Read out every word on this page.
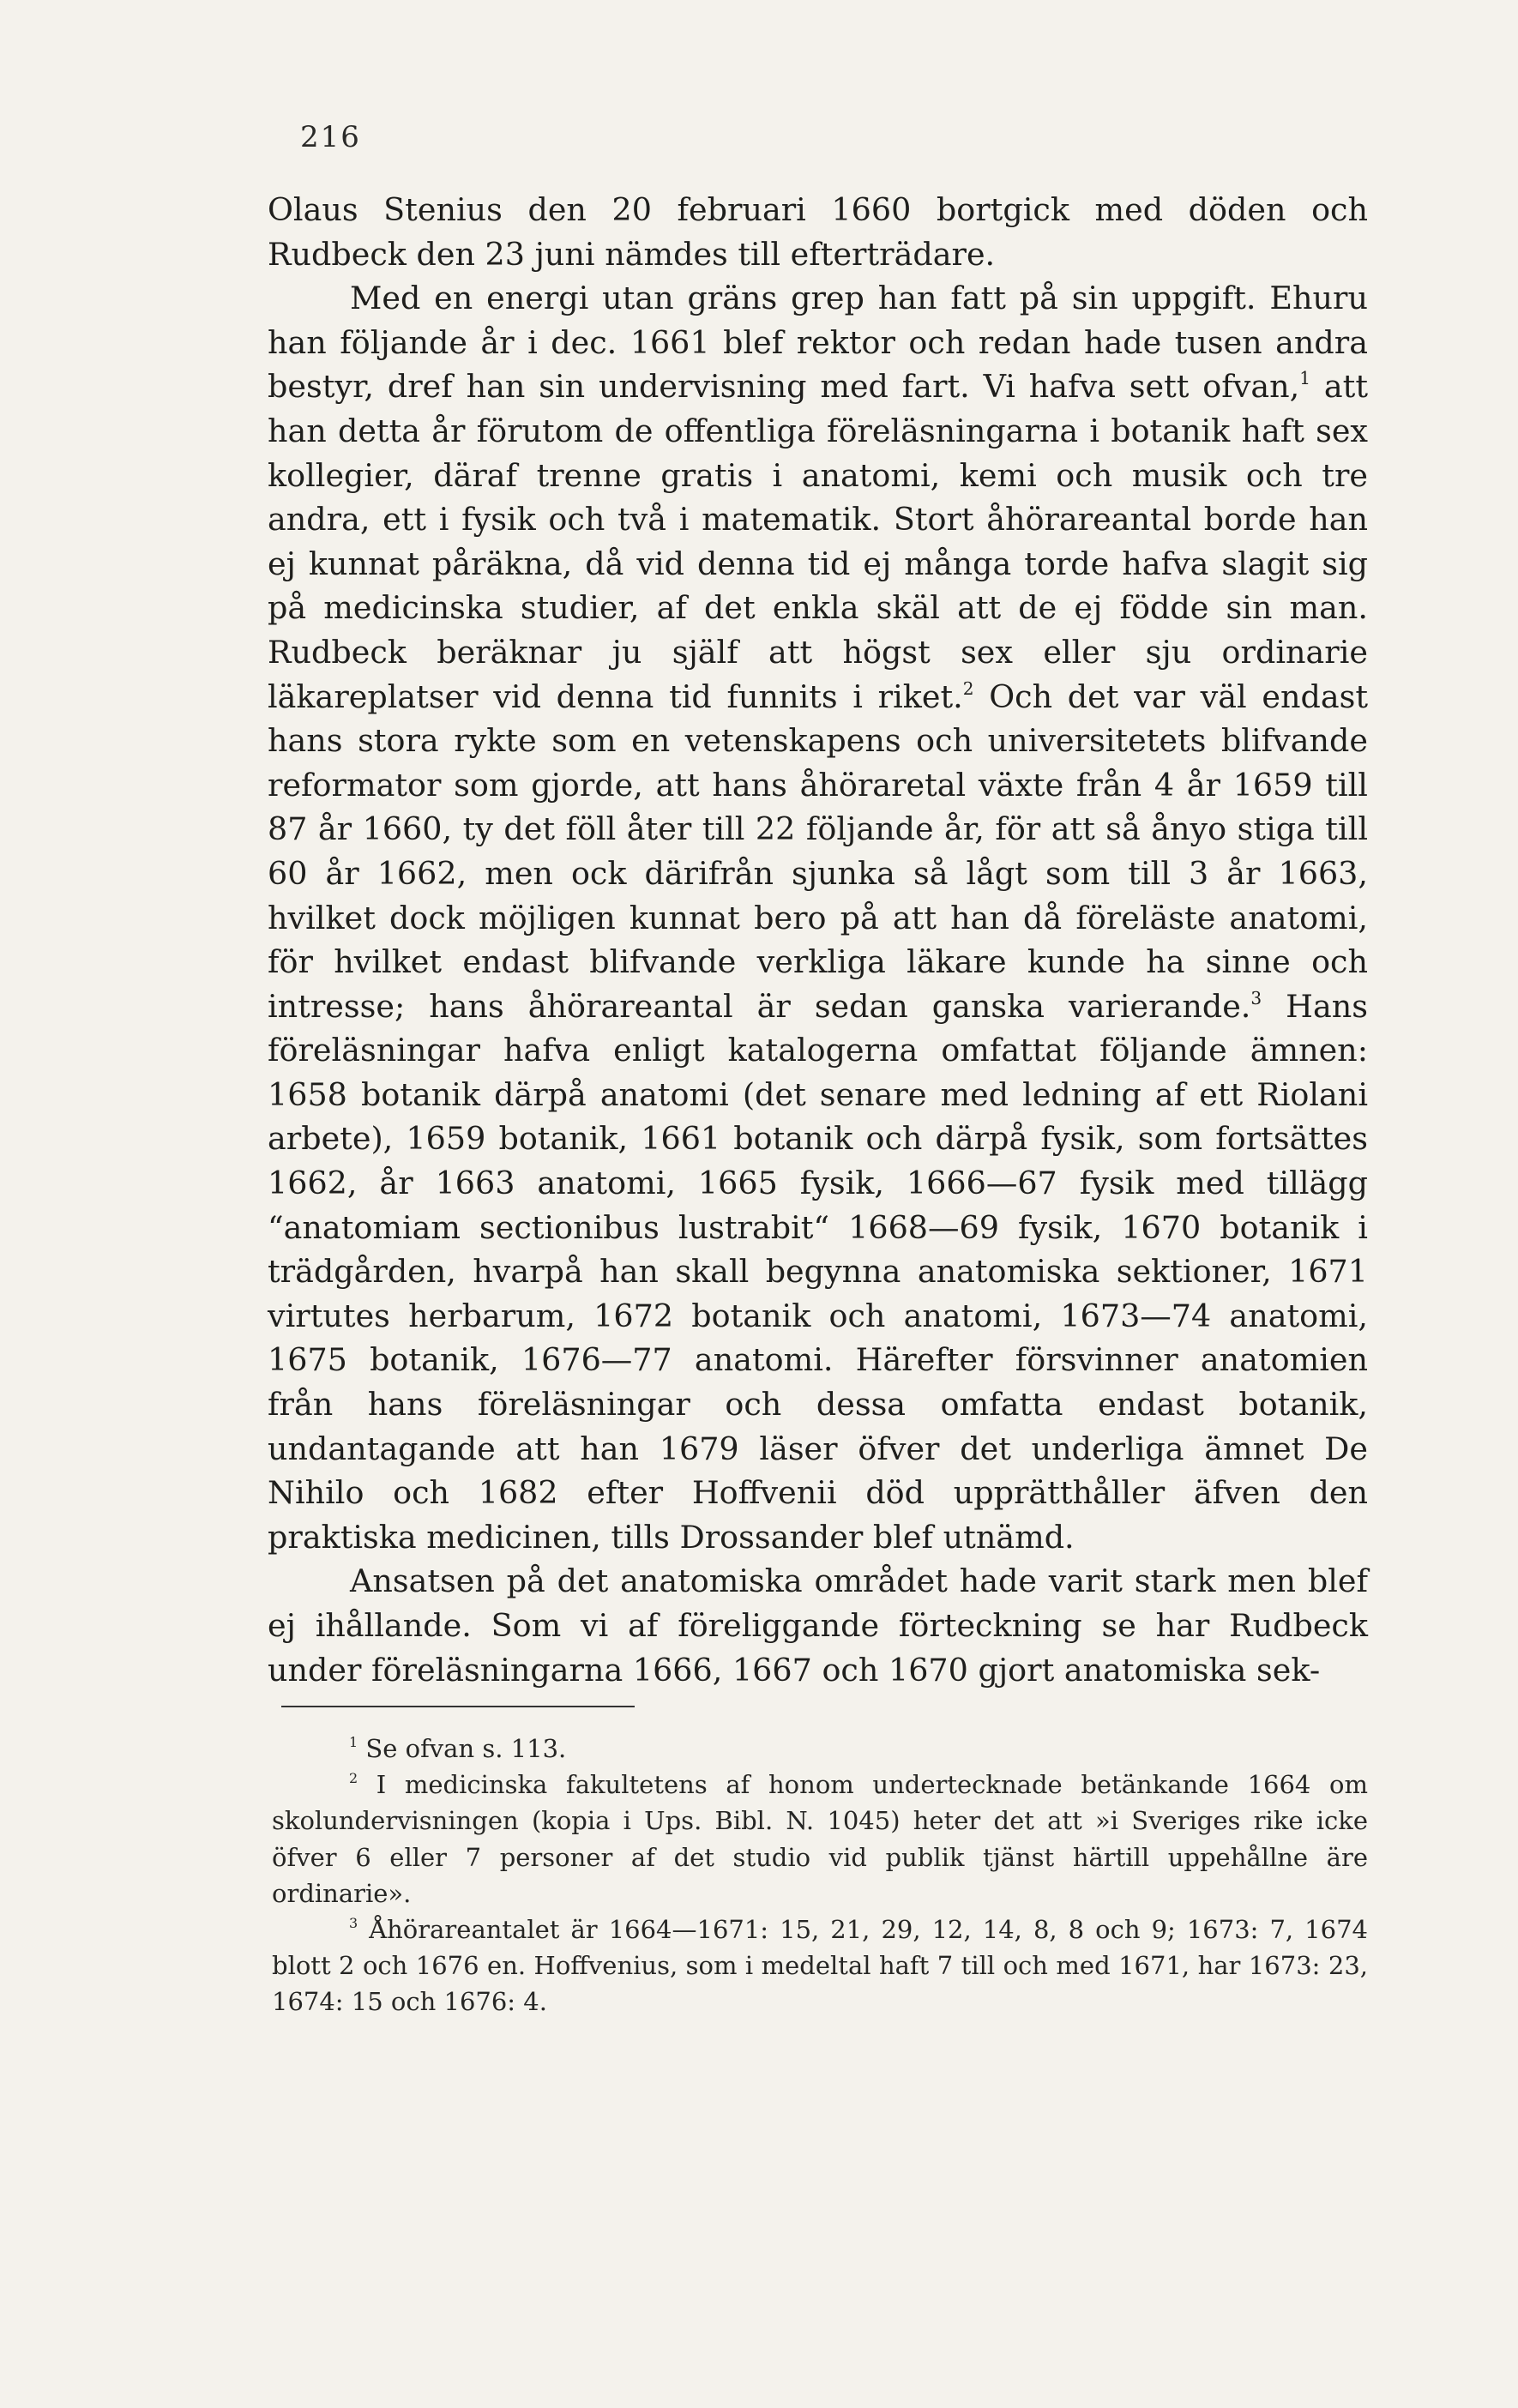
216

Olaus Stenius den 20 februari 1660 bortgick med döden och Rudbeck den 23 juni nämdes till efterträdare.

Med en energi utan gräns grep han fatt på sin uppgift. Ehuru han följande år i dec. 1661 blef rektor och redan hade tusen andra bestyr, dref han sin undervisning med fart. Vi hafva sett ofvan,$^1$ att han detta år förutom de offentliga föreläsningarna i botanik haft sex kollegier, däraf trenne gratis i anatomi, kemi och musik och tre andra, ett i fysik och två i matematik. Stort åhörareantal borde han ej kunnat påräkna, då vid denna tid ej många torde hafva slagit sig på medicinska studier, af det enkla skäl att de ej födde sin man. Rudbeck beräknar ju själf att högst sex eller sju ordinarie läkareplatser vid denna tid funnits i riket.$^2$ Och det var väl endast hans stora rykte som en vetenskapens och universitetets blifvande reformator som gjorde, att hans åhöraretal växte från 4 år 1659 till 87 år 1660, ty det föll åter till 22 följande år, för att så ånyo stiga till 60 år 1662, men ock därifrån sjunka så lågt som till 3 år 1663, hvilket dock möjligen kunnat bero på att han då föreläste anatomi, för hvilket endast blifvande verkliga läkare kunde ha sinne och intresse; hans åhörareantal är sedan ganska varierande.$^3$ Hans föreläsningar hafva enligt katalogerna omfattat följande ämnen: 1658 botanik därpå anatomi (det senare med ledning af ett Riolani arbete), 1659 botanik, 1661 botanik och därpå fysik, som fortsättes 1662, år 1663 anatomi, 1665 fysik, 1666—67 fysik med tillägg “anatomiam sectionibus lustrabit“ 1668—69 fysik, 1670 botanik i trädgården, hvarpå han skall begynna anatomiska sektioner, 1671 virtutes herbarum, 1672 botanik och anatomi, 1673—74 anatomi, 1675 botanik, 1676—77 anatomi. Härefter försvinner anatomien från hans föreläsningar och dessa omfatta endast botanik, undantagande att han 1679 läser öfver det underliga ämnet De Nihilo och 1682 efter Hoffvenii död upprätthåller äfven den praktiska medicinen, tills Drossander blef utnämd.

Ansatsen på det anatomiska området hade varit stark men blef ej ihållande. Som vi af föreliggande förteckning se har Rudbeck under föreläsningarna 1666, 1667 och 1670 gjort anatomiska sek-

$^1$ Se ofvan s. 113.

$^2$ I medicinska fakultetens af honom undertecknade betänkande 1664 om skolundervisningen (kopia i Ups. Bibl. N. 1045) heter det att »i Sveriges rike icke öfver 6 eller 7 personer af det studio vid publik tjänst härtill uppehållne äre ordinarie».

$^3$ Åhörareantalet är 1664—1671: 15, 21, 29, 12, 14, 8, 8 och 9; 1673: 7, 1674 blott 2 och 1676 en. Hoffvenius, som i medeltal haft 7 till och med 1671, har 1673: 23, 1674: 15 och 1676: 4.
